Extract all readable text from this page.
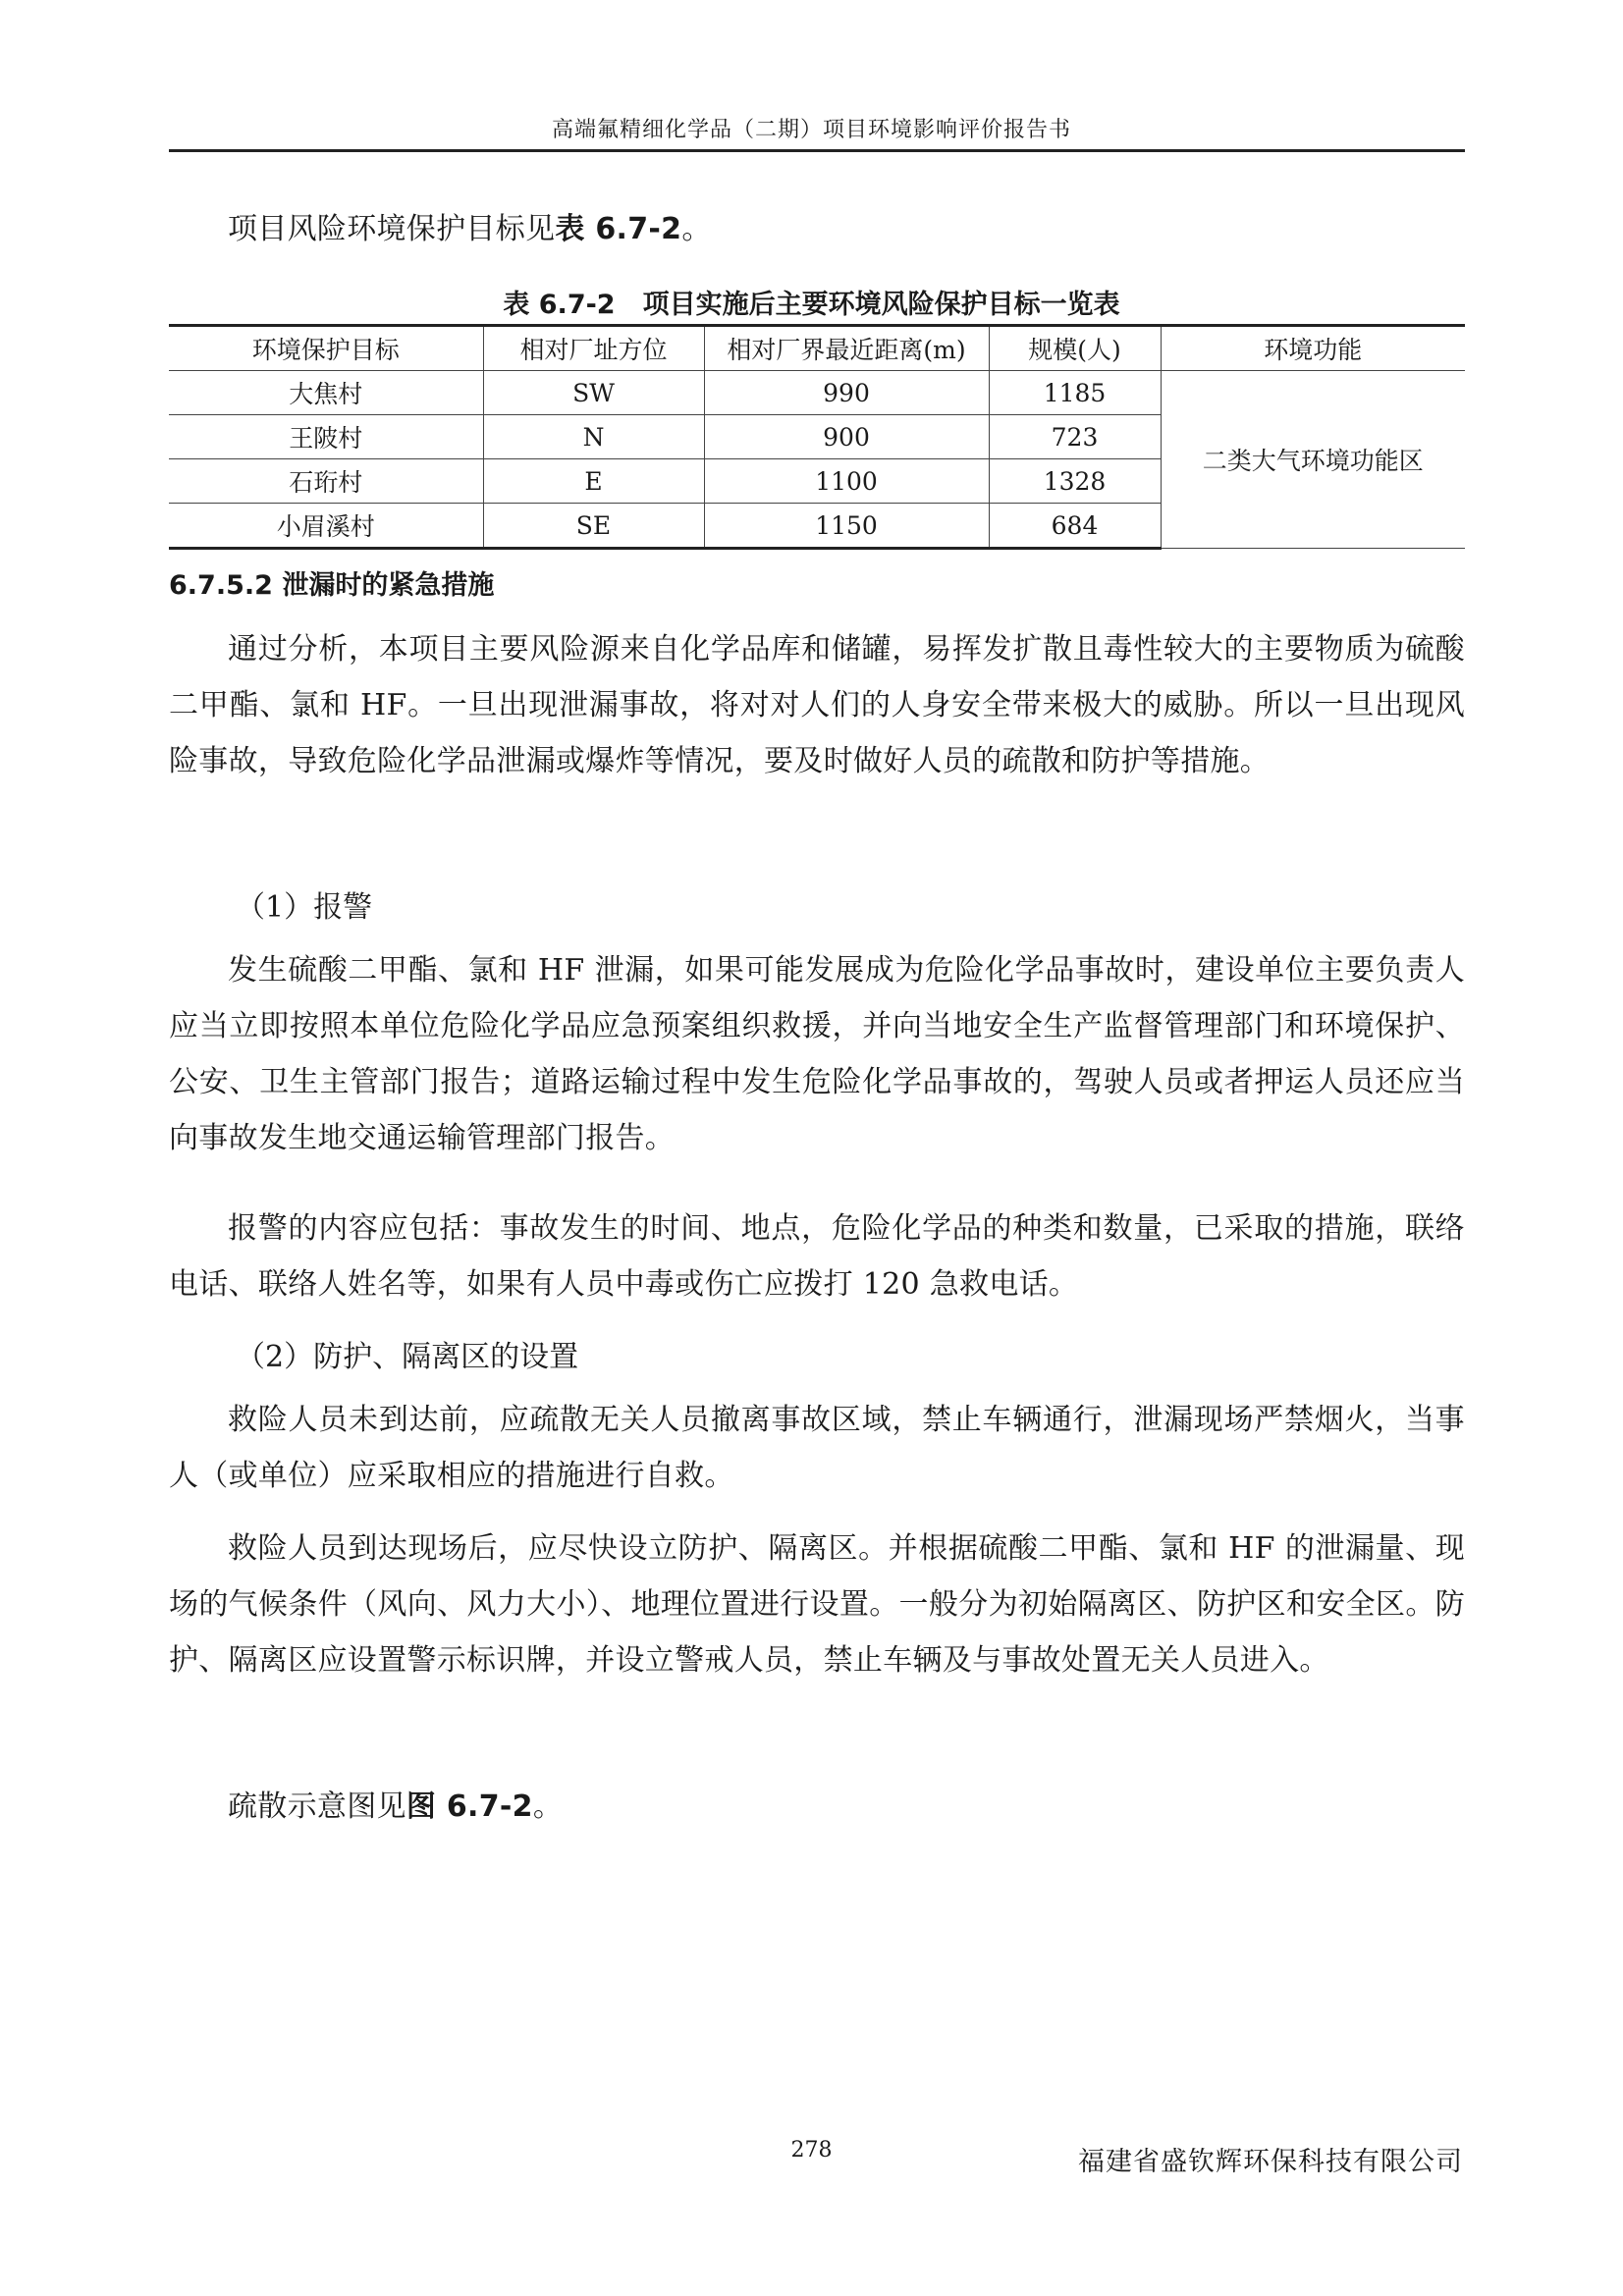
高端氟精细化学品（二期）项目环境影响评价报告书

项目风险环境保护目标见表 6.7-2。

表 6.7-2 项目实施后主要环境风险保护目标一览表
环境保护目标	相对厂址方位	相对厂界最近距离(m)	规模(人)	环境功能
大焦村	SW	990	1185	二类大气环境功能区
王陂村	N	900	723	
石珩村	E	1100	1328	
小眉溪村	SE	1150	684	
6.7.5.2 泄漏时的紧急措施

通过分析，本项目主要风险源来自化学品库和储罐，易挥发扩散且毒性较大的主要物质为硫酸二甲酯、氯和 HF。一旦出现泄漏事故，将对对人们的人身安全带来极大的威胁。所以一旦出现风险事故，导致危险化学品泄漏或爆炸等情况，要及时做好人员的疏散和防护等措施。

（1）报警

发生硫酸二甲酯、氯和 HF 泄漏，如果可能发展成为危险化学品事故时，建设单位主要负责人应当立即按照本单位危险化学品应急预案组织救援，并向当地安全生产监督管理部门和环境保护、公安、卫生主管部门报告；道路运输过程中发生危险化学品事故的，驾驶人员或者押运人员还应当向事故发生地交通运输管理部门报告。

报警的内容应包括：事故发生的时间、地点，危险化学品的种类和数量，已采取的措施，联络电话、联络人姓名等，如果有人员中毒或伤亡应拨打 120 急救电话。

（2）防护、隔离区的设置

救险人员未到达前，应疏散无关人员撤离事故区域，禁止车辆通行，泄漏现场严禁烟火，当事人（或单位）应采取相应的措施进行自救。

救险人员到达现场后，应尽快设立防护、隔离区。并根据硫酸二甲酯、氯和 HF 的泄漏量、现场的气候条件（风向、风力大小）、地理位置进行设置。一般分为初始隔离区、防护区和安全区。防护、隔离区应设置警示标识牌，并设立警戒人员，禁止车辆及与事故处置无关人员进入。

疏散示意图见图 6.7-2。

278	福建省盛钦辉环保科技有限公司
